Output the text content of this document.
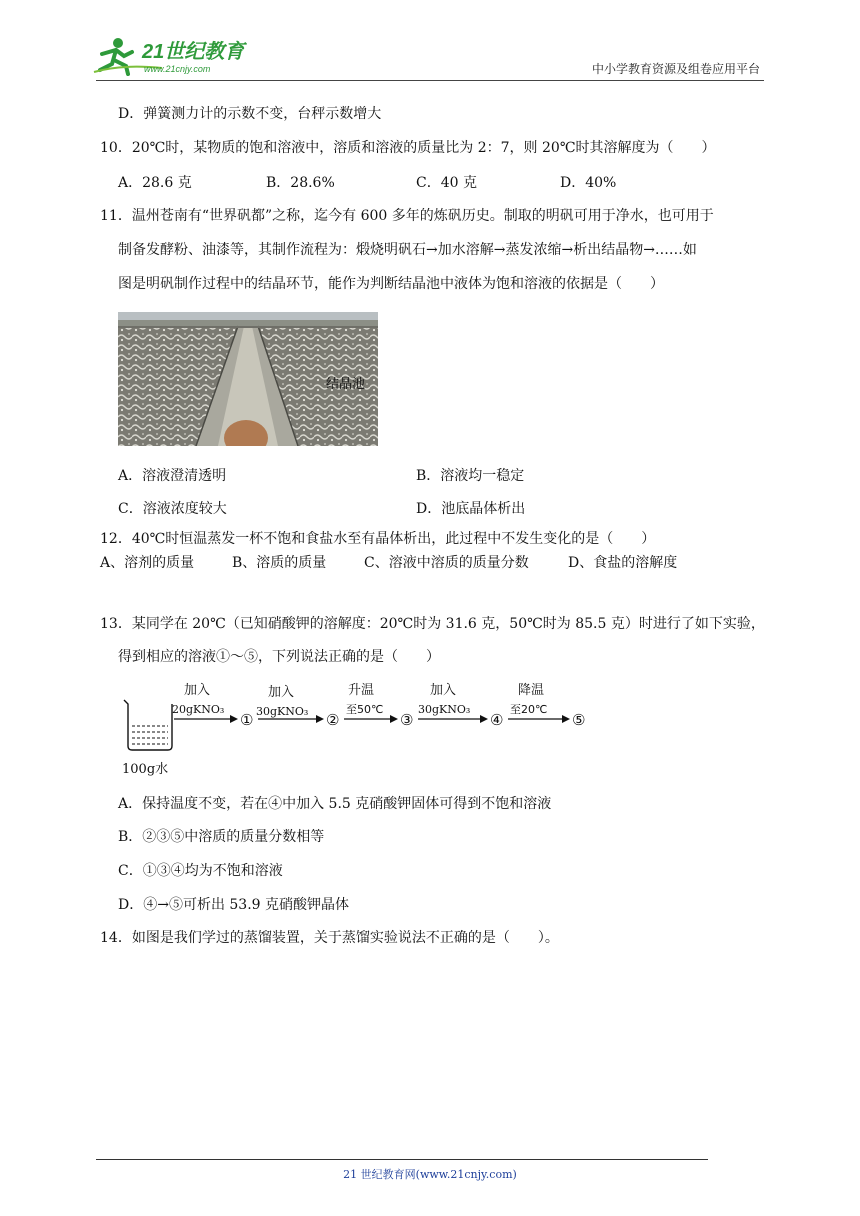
21世纪教育
www.21cnjy.com	中小学教育资源及组卷应用平台
D．弹簧测力计的示数不变，台秤示数增大
10．20℃时，某物质的饱和溶液中，溶质和溶液的质量比为 2：7，则 20℃时其溶解度为（　　）
A．28.6 克	B．28.6%	C．40 克	D．40%
11．温州苍南有“世界矾都”之称，迄今有 600 多年的炼矾历史。制取的明矾可用于净水，也可用于
制备发酵粉、油漆等，其制作流程为：煅烧明矾石→加水溶解→蒸发浓缩→析出结晶物→……如
图是明矾制作过程中的结晶环节，能作为判断结晶池中液体为饱和溶液的依据是（　　）
结晶池
A．溶液澄清透明	B．溶液均一稳定
C．溶液浓度较大	D．池底晶体析出
12．40℃时恒温蒸发一杯不饱和食盐水至有晶体析出，此过程中不发生变化的是（　　）
A、溶剂的质量	B、溶质的质量	C、溶液中溶质的质量分数	D、食盐的溶解度
13．某同学在 20℃（已知硝酸钾的溶解度：20℃时为 31.6 克，50℃时为 85.5 克）时进行了如下实验，
得到相应的溶液①～⑤，下列说法正确的是（　　）
100g水
加入
20gKNO₃
①
加入
30gKNO₃ ②
升温
至50℃
③
加入
30gKNO₃
④
降温
至20℃
⑤
A．保持温度不变，若在④中加入 5.5 克硝酸钾固体可得到不饱和溶液
B．②③⑤中溶质的质量分数相等
C．①③④均为不饱和溶液
D．④→⑤可析出 53.9 克硝酸钾晶体
14．如图是我们学过的蒸馏装置，关于蒸馏实验说法不正确的是（　　）。
21 世纪教育网(www.21cnjy.com)
